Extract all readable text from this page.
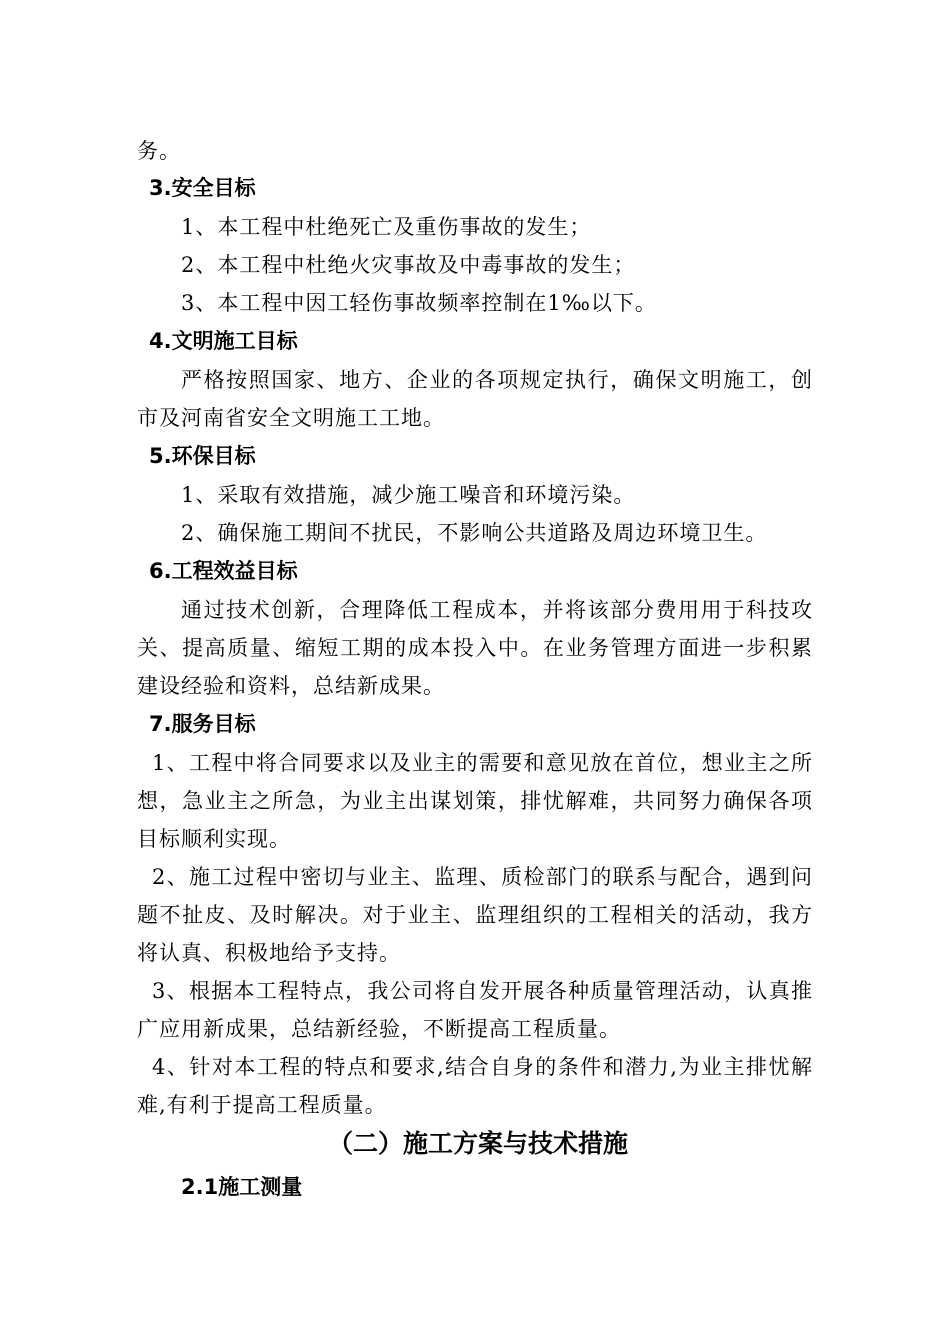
务。
3.安全目标
1、本工程中杜绝死亡及重伤事故的发生；
2、本工程中杜绝火灾事故及中毒事故的发生；
3、本工程中因工轻伤事故频率控制在1‰以下。
4.文明施工目标
严格按照国家、地方、企业的各项规定执行，确保文明施工，创
市及河南省安全文明施工工地。
5.环保目标
1、采取有效措施，减少施工噪音和环境污染。
2、确保施工期间不扰民，不影响公共道路及周边环境卫生。
6.工程效益目标
通过技术创新，合理降低工程成本，并将该部分费用用于科技攻
关、提高质量、缩短工期的成本投入中。在业务管理方面进一步积累
建设经验和资料，总结新成果。
7.服务目标
1、工程中将合同要求以及业主的需要和意见放在首位，想业主之所
想，急业主之所急，为业主出谋划策，排忧解难，共同努力确保各项
目标顺利实现。
2、施工过程中密切与业主、监理、质检部门的联系与配合，遇到问
题不扯皮、及时解决。对于业主、监理组织的工程相关的活动，我方
将认真、积极地给予支持。
3、根据本工程特点，我公司将自发开展各种质量管理活动，认真推
广应用新成果，总结新经验，不断提高工程质量。
4、针对本工程的特点和要求,结合自身的条件和潜力,为业主排忧解
难,有利于提高工程质量。
（二）施工方案与技术措施
2.1施工测量
